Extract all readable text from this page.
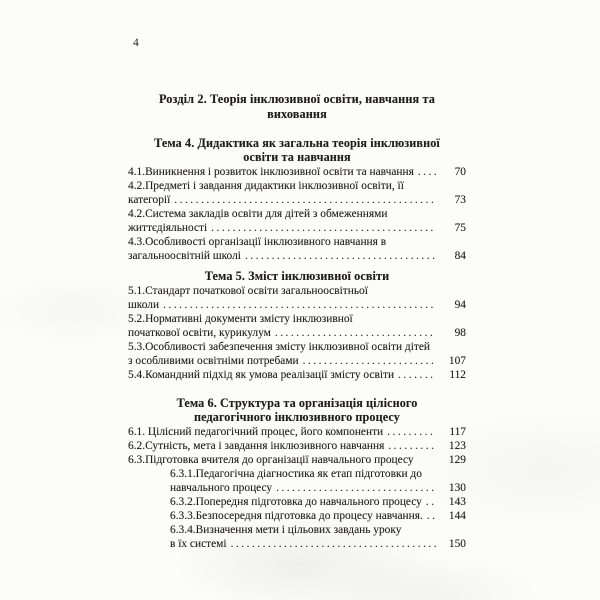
4
Розділ 2. Теорія інклюзивної освіти, навчання та виховання
Тема 4. Дидактика як загальна теорія інклюзивної
освіти та навчання
4.1.Виникнення і розвиток інклюзивної освіти та навчання .....	70
4.2.Предметі і завдання дидактики інклюзивної освіти, її
категорії .....	73
4.2.Система закладів освіти для дітей з обмеженнями
життєдіяльності .....	75
4.3.Особливості організації інклюзивного навчання в
загальноосвітній школі .....	84
Тема 5. Зміст інклюзивної освіти
5.1.Стандарт початкової освіти загальноосвітньої
школи .....	94
5.2.Нормативні документи змісту інклюзивної
початкової освіти, курикулум .....	98
5.3.Особливості забезпечення змісту інклюзивної освіти дітей
з особливими освітніми потребами .....	107
5.4.Командний підхід як умова реалізації змісту освіти .....	112
Тема 6. Структура та організація цілісного
педагогічного інклюзивного процесу
6.1. Цілісний педагогічний процес, його компоненти .....	117
6.2.Сутність, мета і завдання інклюзивного навчання .....	123
6.3.Підготовка вчителя до організації навчального процесу	129
6.3.1.Педагогічна діагностика як етап підготовки до
навчального процесу .....	130
6.3.2.Попередня підготовка до навчального процесу .....	143
6.3.3.Безпосередня підготовка до процесу навчання. .....	144
6.3.4.Визначення мети і цільових завдань уроку
в їх системі .....	150
